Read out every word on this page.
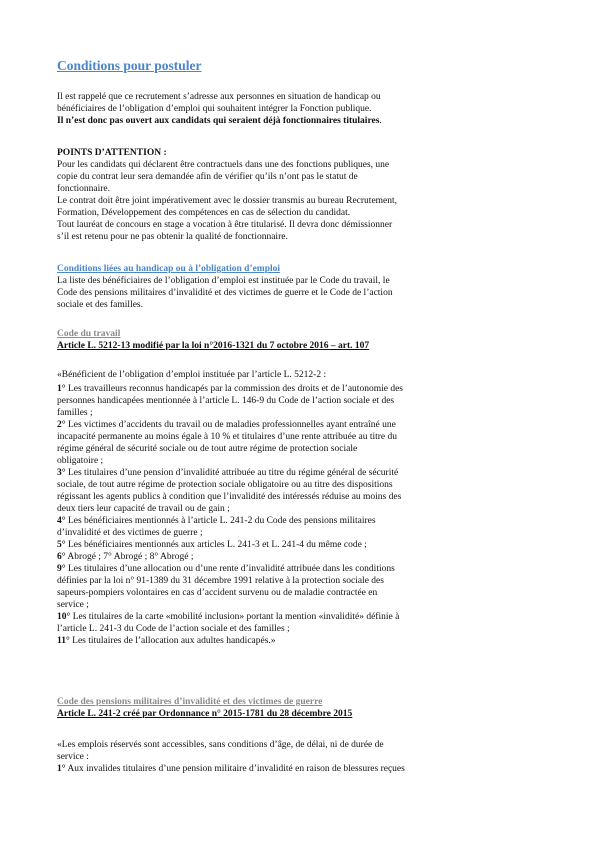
Conditions pour postuler

Il est rappelé que ce recrutement s’adresse aux personnes en situation de handicap ou

bénéficiaires de l’obligation d’emploi qui souhaitent intégrer la Fonction publique.

Il n’est donc pas ouvert aux candidats qui seraient déjà fonctionnaires titulaires.

POINTS D’ATTENTION :

Pour les candidats qui déclarent être contractuels dans une des fonctions publiques, une

copie du contrat leur sera demandée afin de vérifier qu’ils n’ont pas le statut de

fonctionnaire.

Le contrat doit être joint impérativement avec le dossier transmis au bureau Recrutement,

Formation, Développement des compétences en cas de sélection du candidat.

Tout lauréat de concours en stage a vocation à être titularisé. Il devra donc démissionner

s’il est retenu pour ne pas obtenir la qualité de fonctionnaire.

Conditions liées au handicap ou à l’obligation d’emploi

La liste des bénéficiaires de l’obligation d’emploi est instituée par le Code du travail, le

Code des pensions militaires d’invalidité et des victimes de guerre et le Code de l’action

sociale et des familles.

Code du travail

Article L. 5212-13 modifié par la loi n°2016-1321 du 7 octobre 2016 – art. 107

«Bénéficient de l’obligation d’emploi instituée par l’article L. 5212-2 :

1° Les travailleurs reconnus handicapés par la commission des droits et de l’autonomie des

personnes handicapées mentionnée à l’article L. 146-9 du Code de l’action sociale et des

familles ;

2° Les victimes d’accidents du travail ou de maladies professionnelles ayant entraîné une

incapacité permanente au moins égale à 10 % et titulaires d’une rente attribuée au titre du

régime général de sécurité sociale ou de tout autre régime de protection sociale

obligatoire ;

3° Les titulaires d’une pension d’invalidité attribuée au titre du régime général de sécurité

sociale, de tout autre régime de protection sociale obligatoire ou au titre des dispositions

régissant les agents publics à condition que l’invalidité des intéressés réduise au moins des

deux tiers leur capacité de travail ou de gain ;

4° Les bénéficiaires mentionnés à l’article L. 241-2 du Code des pensions militaires

d’invalidité et des victimes de guerre ;

5° Les bénéficiaires mentionnés aux articles L. 241-3 et L. 241-4 du même code ;

6° Abrogé ; 7° Abrogé ; 8° Abrogé ;

9° Les titulaires d’une allocation ou d’une rente d’invalidité attribuée dans les conditions

définies par la loi n° 91-1389 du 31 décembre 1991 relative à la protection sociale des

sapeurs-pompiers volontaires en cas d’accident survenu ou de maladie contractée en

service ;

10° Les titulaires de la carte «mobilité inclusion» portant la mention «invalidité» définie à

l’article L. 241-3 du Code de l’action sociale et des familles ;

11° Les titulaires de l’allocation aux adultes handicapés.»

Code des pensions militaires d’invalidité et des victimes de guerre

Article L. 241-2 créé par Ordonnance n° 2015-1781 du 28 décembre 2015

«Les emplois réservés sont accessibles, sans conditions d’âge, de délai, ni de durée de

service :

1° Aux invalides titulaires d’une pension militaire d’invalidité en raison de blessures reçues
